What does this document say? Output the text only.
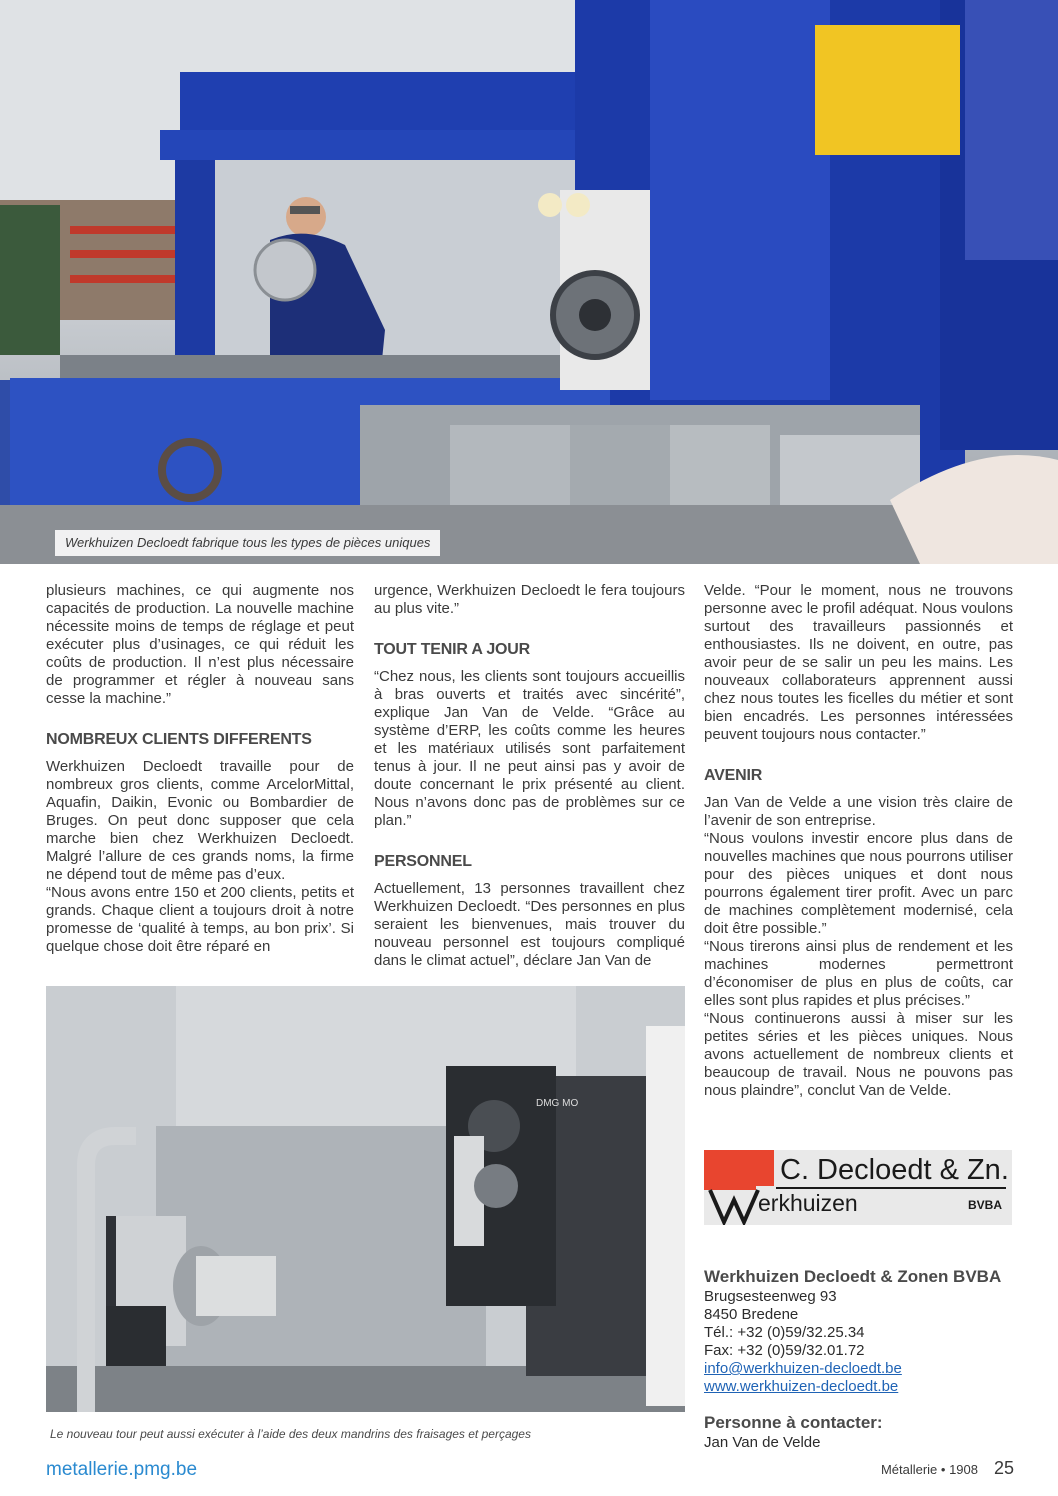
Werkhuizen Decloedt fabrique tous les types de pièces uniques

plusieurs machines, ce qui augmente nos capacités de production. La nouvelle machine nécessite moins de temps de réglage et peut exécuter plus d’usinages, ce qui réduit les coûts de production. Il n’est plus nécessaire de programmer et régler à nouveau sans cesse la machine.”

NOMBREUX CLIENTS DIFFERENTS

Werkhuizen Decloedt travaille pour de nombreux gros clients, comme ArcelorMittal, Aquafin, Daikin, Evonic ou Bombardier de Bruges. On peut donc supposer que cela marche bien chez Werkhuizen Decloedt. Malgré l’allure de ces grands noms, la firme ne dépend tout de même pas d’eux.

“Nous avons entre 150 et 200 clients, petits et grands. Chaque client a toujours droit à notre promesse de ‘qualité à temps, au bon prix’. Si quelque chose doit être réparé en

urgence, Werkhuizen Decloedt le fera toujours au plus vite.”

TOUT TENIR A JOUR

“Chez nous, les clients sont toujours accueillis à bras ouverts et traités avec sincérité”, explique Jan Van de Velde. “Grâce au système d’ERP, les coûts comme les heures et les matériaux utilisés sont parfaitement tenus à jour. Il ne peut ainsi pas y avoir de doute concernant le prix présenté au client. Nous n’avons donc pas de problèmes sur ce plan.”

PERSONNEL

Actuellement, 13 personnes travaillent chez Werkhuizen Decloedt. “Des personnes en plus seraient les bienvenues, mais trouver du nouveau personnel est toujours compliqué dans le climat actuel”, déclare Jan Van de

Velde. “Pour le moment, nous ne trouvons personne avec le profil adéquat. Nous voulons surtout des travailleurs passionnés et enthousiastes. Ils ne doivent, en outre, pas avoir peur de se salir un peu les mains. Les nouveaux collaborateurs apprennent aussi chez nous toutes les ficelles du métier et sont bien encadrés. Les personnes intéressées peuvent toujours nous contacter.”

AVENIR

Jan Van de Velde a une vision très claire de l’avenir de son entreprise.

“Nous voulons investir encore plus dans de nouvelles machines que nous pourrons utiliser pour des pièces uniques et dont nous pourrons également tirer profit. Avec un parc de machines complètement modernisé, cela doit être possible.”

“Nous tirerons ainsi plus de rendement et les machines modernes permettront d’économiser de plus en plus de coûts, car elles sont plus rapides et plus précises.”

“Nous continuerons aussi à miser sur les petites séries et les pièces uniques. Nous avons actuellement de nombreux clients et beaucoup de travail. Nous ne pouvons pas nous plaindre”, conclut Van de Velde.

DMG MO
Le nouveau tour peut aussi exécuter à l’aide des deux mandrins des fraisages et perçages
C. Decloedt & Zn.
erkhuizen	BVBA
Werkhuizen Decloedt & Zonen BVBA
Brugsesteenweg 93
8450 Bredene
Tél.: +32 (0)59/32.25.34
Fax: +32 (0)59/32.01.72
info@werkhuizen-decloedt.be
www.werkhuizen-decloedt.be
Personne à contacter:
Jan Van de Velde
metallerie.pmg.be	Métallerie • 1908 25
